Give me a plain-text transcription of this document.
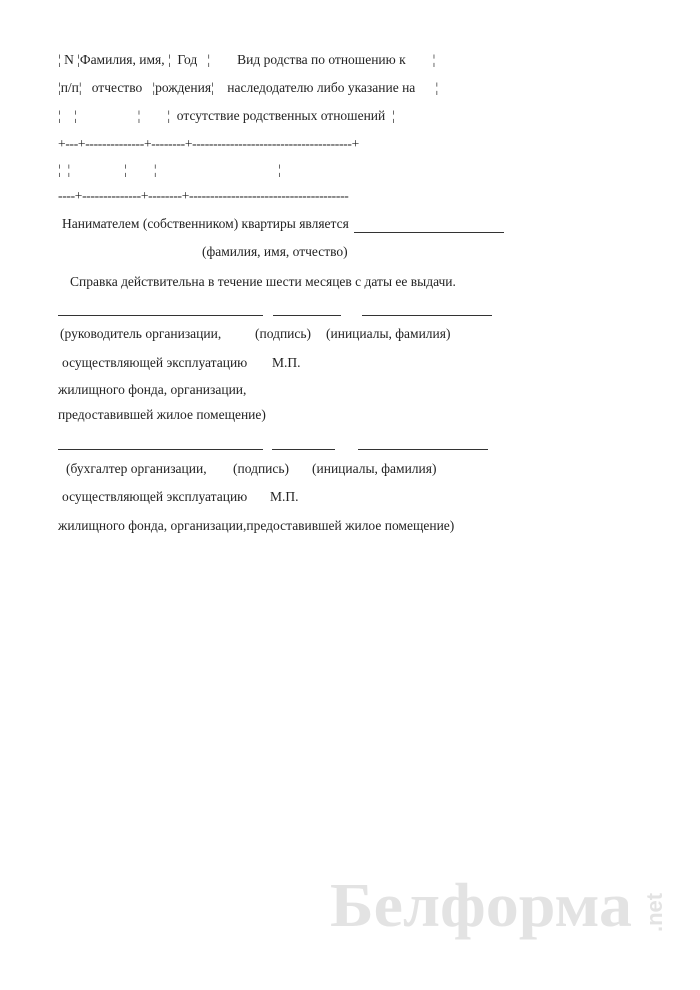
¦ N ¦Фамилия, имя, ¦  Год   ¦        Вид родства по отношению к        ¦
¦п/п¦   отчество   ¦рождения¦    наследодателю либо указание на      ¦
¦    ¦                  ¦        ¦  отсутствие родственных отношений  ¦
+---+--------------+--------+--------------------------------------+
¦  ¦                ¦        ¦                                    ¦
----+--------------+--------+--------------------------------------
Нанимателем (собственником) квартиры является
(фамилия, имя, отчество)
Справка действительна в течение шести месяцев с даты ее выдачи.
(руководитель организации,	(подпись) (инициалы, фамилия)
осуществляющей эксплуатацию М.П.
жилищного фонда, организации,
предоставившей жилое помещение)
(бухгалтер организации, (подпись) (инициалы, фамилия)
осуществляющей эксплуатацию М.П.
жилищного фонда, организации,предоставившей жилое помещение)
Белформа .net
